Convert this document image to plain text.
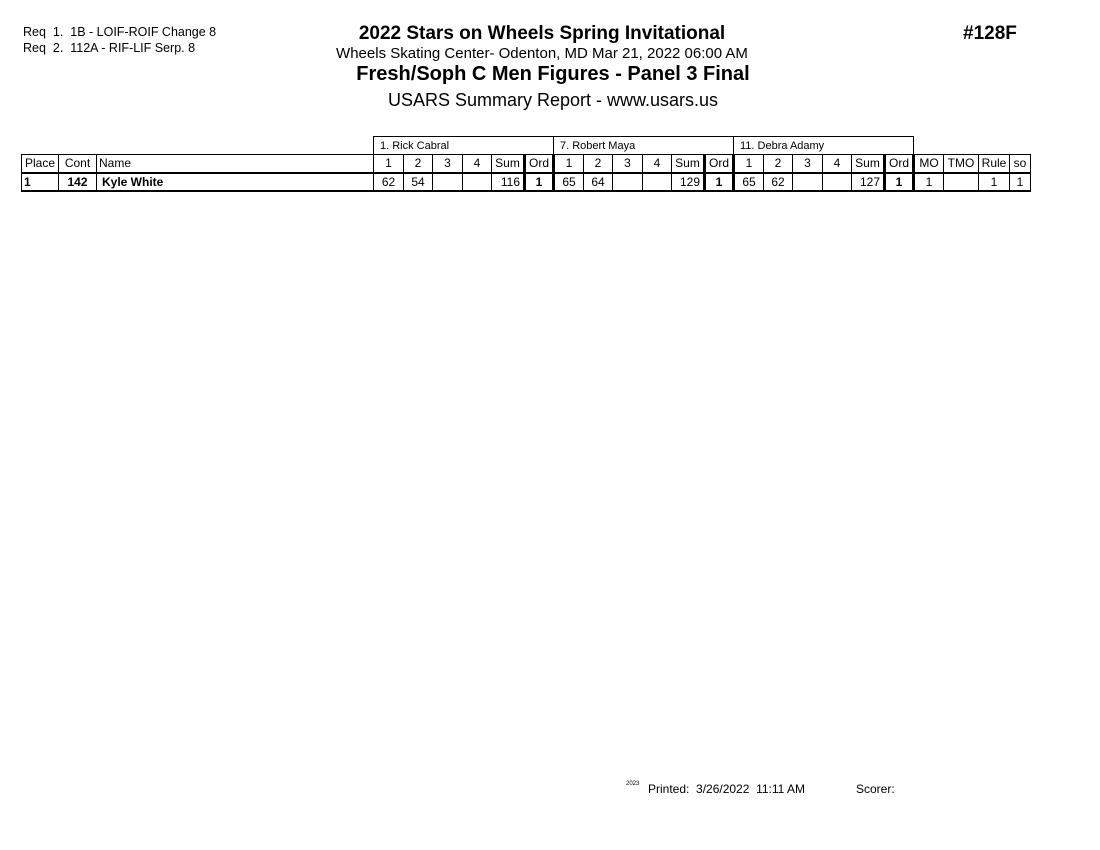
Req  1.  1B - LOIF-ROIF Change 8
Req  2.  112A - RIF-LIF Serp. 8
2022 Stars on Wheels Spring Invitational
Wheels Skating Center- Odenton, MD Mar 21, 2022 06:00 AM
Fresh/Soph C Men Figures - Panel 3 Final
USARS Summary Report - www.usars.us
#128F
			1. Rick Cabral						7. Robert Maya						11. Debra Adamy									
Place	Cont	Name	1	2	3	4	Sum	Ord	1	2	3	4	Sum	Ord	1	2	3	4	Sum	Ord	MO	TMO	Rule	so
1	142	Kyle White	62	54			116	1	65	64			129	1	65	62			127	1	1		1	1
2023 Printed:  3/26/2022  11:11 AM	Scorer:
